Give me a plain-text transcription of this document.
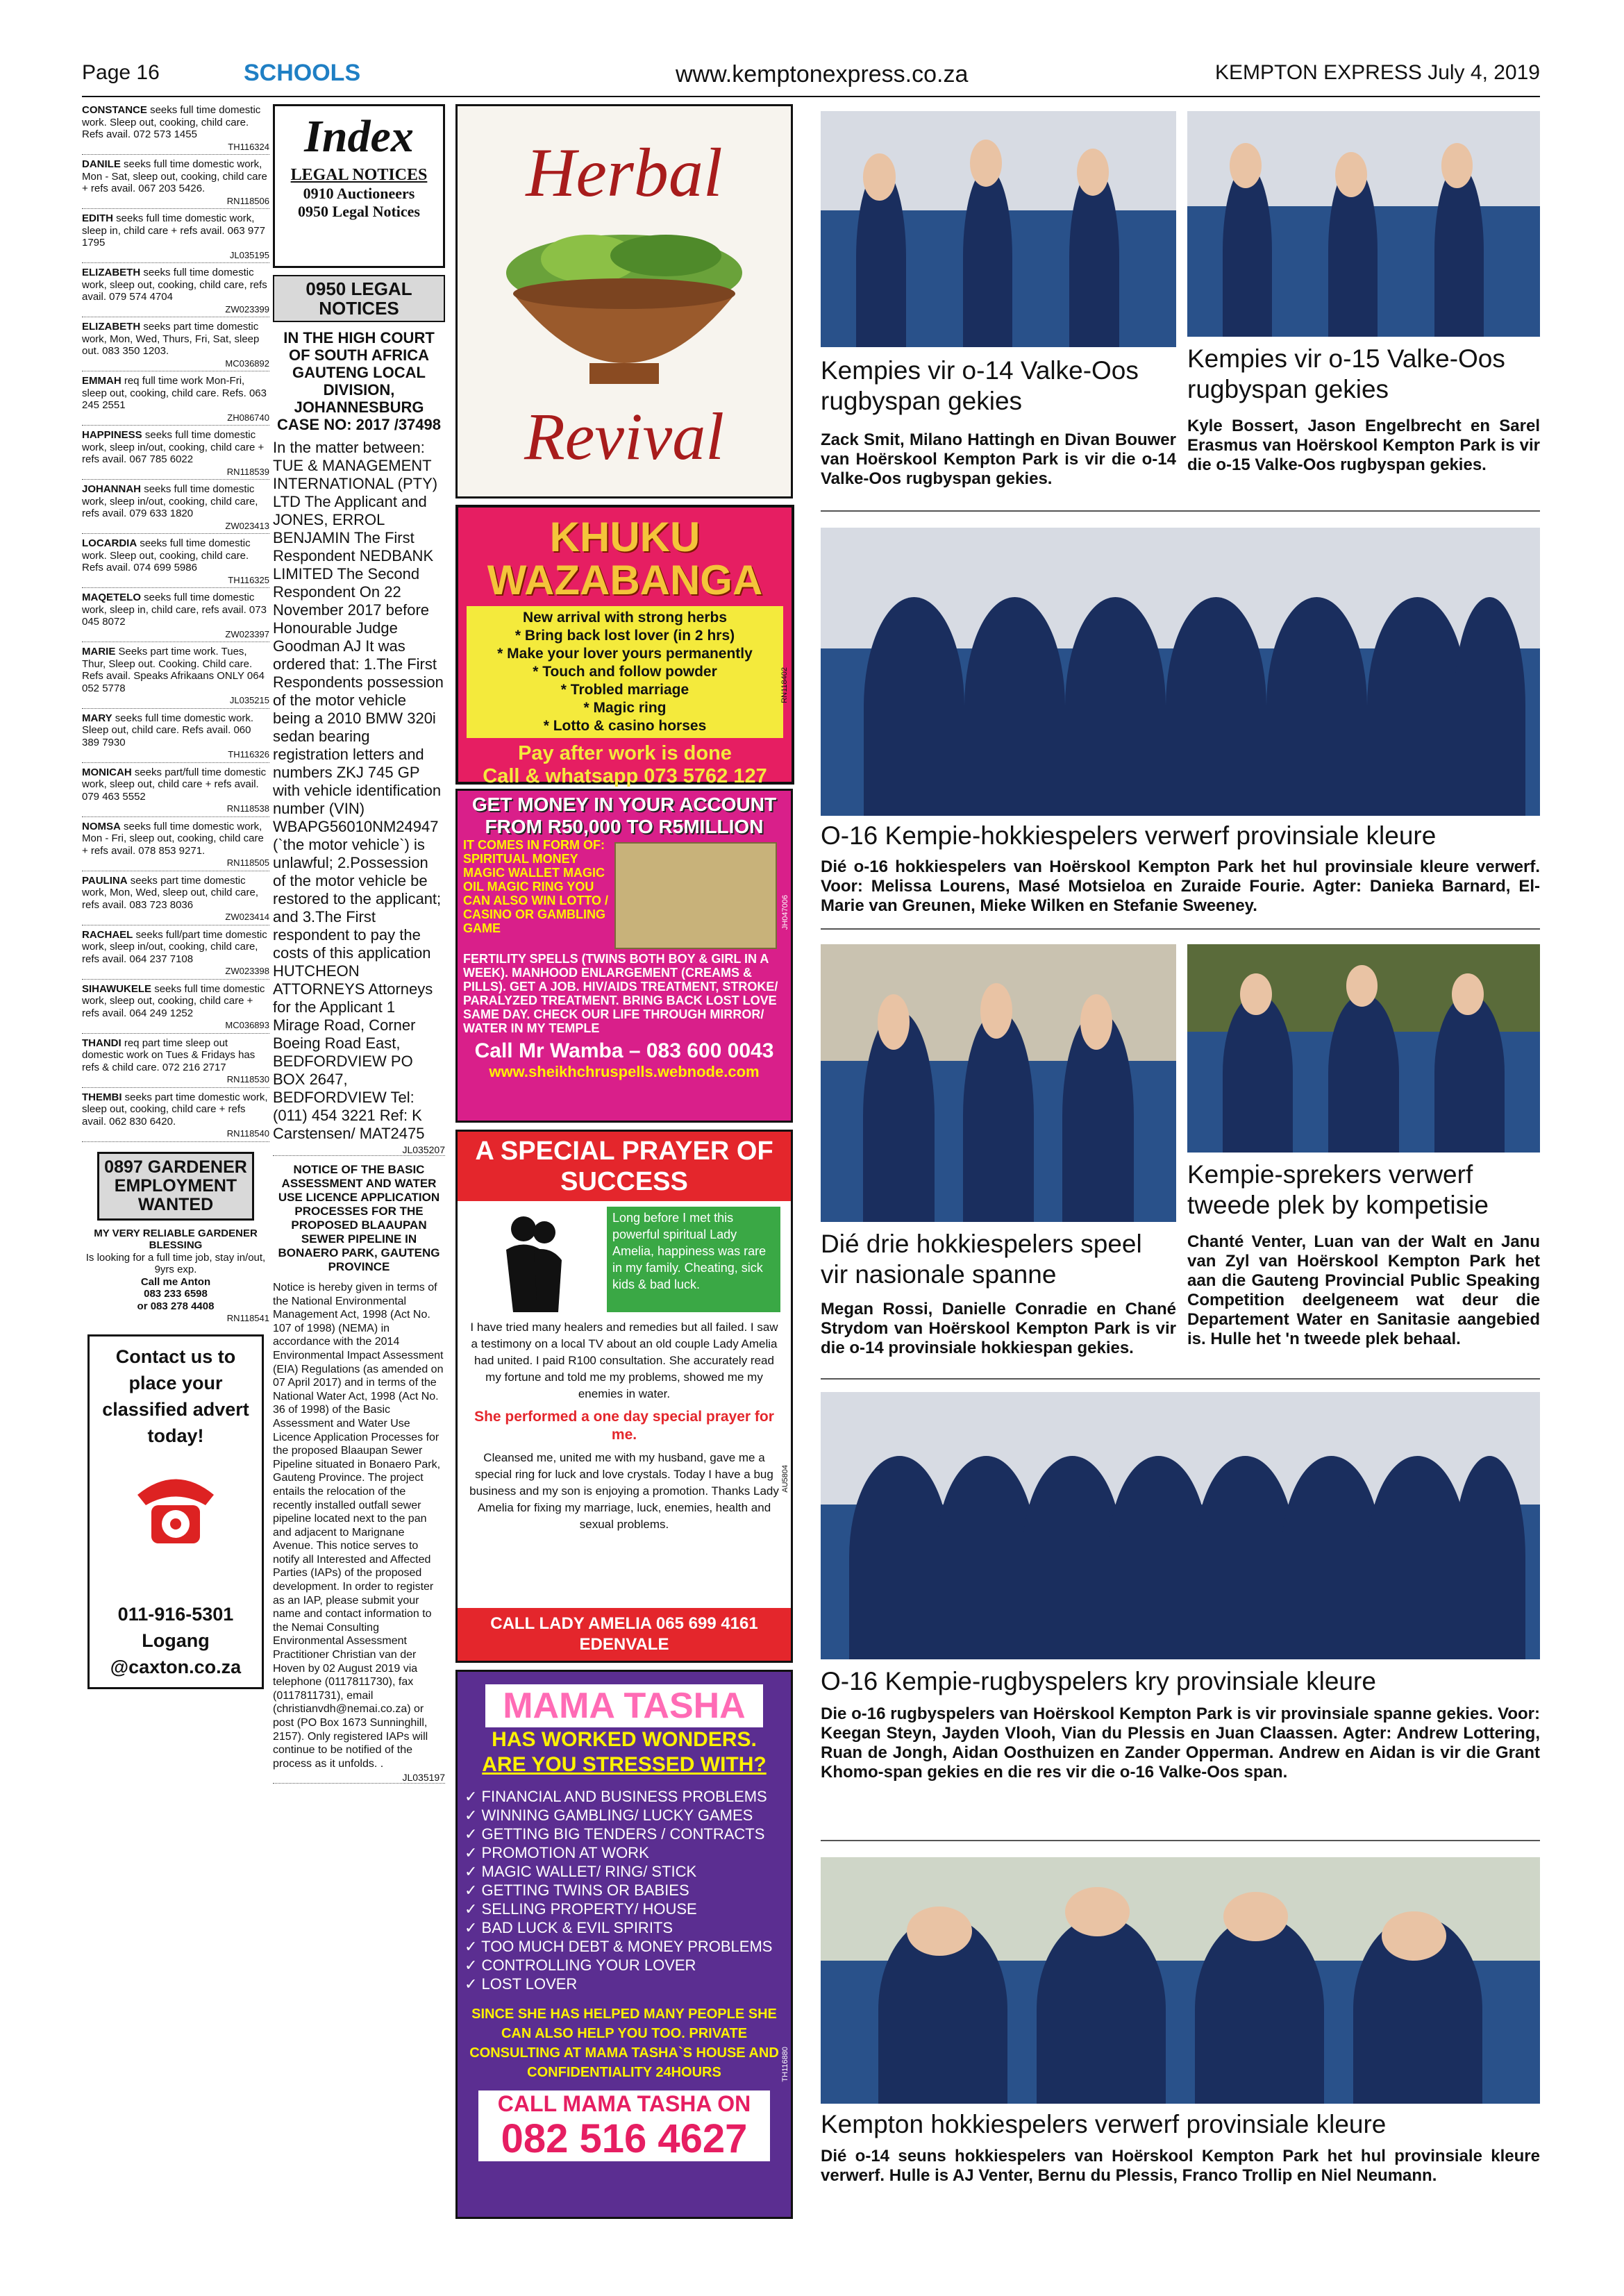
Page 16	SCHOOLS	www.kemptonexpress.co.za	KEMPTON EXPRESS July 4, 2019
CONSTANCE seeks full time domestic work. Sleep out, cooking, child care. Refs avail. 072 573 1455
TH116324
DANILE seeks full time domestic work, Mon - Sat, sleep out, cooking, child care + refs avail. 067 203 5426.
RN118506
EDITH seeks full time domestic work, sleep in, child care + refs avail. 063 977 1795
JL035195
ELIZABETH seeks full time domestic work, sleep out, cooking, child care, refs avail. 079 574 4704
ZW023399
ELIZABETH seeks part time domestic work, Mon, Wed, Thurs, Fri, Sat, sleep out. 083 350 1203.
MC036892
EMMAH req full time work Mon-Fri, sleep out, cooking, child care. Refs. 063 245 2551
ZH086740
HAPPINESS seeks full time domestic work, sleep in/out, cooking, child care + refs avail. 067 785 6022
RN118539
JOHANNAH seeks full time domestic work, sleep in/out, cooking, child care, refs avail. 079 633 1820
ZW023413
LOCARDIA seeks full time domestic work. Sleep out, cooking, child care. Refs avail. 074 699 5986
TH116325
MAQETELO seeks full time domestic work, sleep in, child care, refs avail. 073 045 8072
ZW023397
MARIE Seeks part time work. Tues, Thur, Sleep out. Cooking. Child care. Refs avail. Speaks Afrikaans ONLY 064 052 5778
JL035215
MARY seeks full time domestic work. Sleep out, child care. Refs avail. 060 389 7930
TH116326
MONICAH seeks part/full time domestic work, sleep out, child care + refs avail. 079 463 5552
RN118538
NOMSA seeks full time domestic work, Mon - Fri, sleep out, cooking, child care + refs avail. 078 853 9271.
RN118505
PAULINA seeks part time domestic work, Mon, Wed, sleep out, child care, refs avail. 083 723 8036
ZW023414
RACHAEL seeks full/part time domestic work, sleep in/out, cooking, child care, refs avail. 064 237 7108
ZW023398
SIHAWUKELE seeks full time domestic work, sleep out, cooking, child care + refs avail. 064 249 1252
MC036893
THANDI req part time sleep out domestic work on Tues & Fridays has refs & child care. 072 216 2717
RN118530
THEMBI seeks part time domestic work, sleep out, cooking, child care + refs avail. 062 830 6420.
RN118540
0897 GARDENER EMPLOYMENT WANTED
MY VERY RELIABLE GARDENER BLESSING
Is looking for a full time job, stay in/out, 9yrs exp.
Call me Anton
083 233 6598
or 083 278 4408
RN118541
Contact us to place your classified advert today!
011-916-5301
Logang
@caxton.co.za
Index
LEGAL NOTICES
0910 Auctioneers
0950 Legal Notices
0950 LEGAL NOTICES
IN THE HIGH COURT OF SOUTH AFRICA GAUTENG LOCAL DIVISION, JOHANNESBURG CASE NO: 2017 /37498
In the matter between: TUE & MANAGEMENT INTERNATIONAL (PTY) LTD The Applicant and JONES, ERROL BENJAMIN The First Respondent NEDBANK LIMITED The Second Respondent On 22 November 2017 before Honourable Judge Goodman AJ It was ordered that: 1.The First Respondents possession of the motor vehicle being a 2010 BMW 320i sedan bearing registration letters and numbers ZKJ 745 GP with vehicle identification number (VIN)
WBAPG56010NM24947 (`the motor vehicle`) is unlawful; 2.Possession of the motor vehicle be restored to the applicant; and 3.The First respondent to pay the costs of this application HUTCHEON ATTORNEYS Attorneys for the Applicant 1 Mirage Road, Corner Boeing Road East, BEDFORDVIEW PO BOX 2647, BEDFORDVIEW Tel: (011) 454 3221 Ref: K Carstensen/ MAT2475
JL035207
NOTICE OF THE BASIC ASSESSMENT AND WATER USE LICENCE APPLICATION PROCESSES FOR THE PROPOSED BLAAUPAN SEWER PIPELINE IN BONAERO PARK, GAUTENG PROVINCE
Notice is hereby given in terms of the National Environmental Management Act, 1998 (Act No. 107 of 1998) (NEMA) in accordance with the 2014 Environmental Impact Assessment (EIA) Regulations (as amended on 07 April 2017) and in terms of the National Water Act, 1998 (Act No. 36 of 1998) of the Basic Assessment and Water Use Licence Application Processes for the proposed Blaaupan Sewer Pipeline situated in Bonaero Park, Gauteng Province. The project entails the relocation of the recently installed outfall sewer pipeline located next to the pan and adjacent to Marignane Avenue. This notice serves to notify all Interested and Affected Parties (IAPs) of the proposed development. In order to register as an IAP, please submit your name and contact information to the Nemai Consulting Environmental Assessment Practitioner Christian van der Hoven by 02 August 2019 via telephone (0117811730), fax (0117811731), email (christianvdh@nemai.co.za) or post (PO Box 1673 Sunninghill, 2157). Only registered IAPs will continue to be notified of the process as it unfolds. .
JL035197
Herbal
Revival
KHUKU
WAZABANGA
New arrival with strong herbs
* Bring back lost lover (in 2 hrs)
* Make your lover yours permanently
* Touch and follow powder
* Trobled marriage
* Magic ring
* Lotto & casino horses
Pay after work is done
Call & whatsapp 073 5762 127
RN118402
GET MONEY IN YOUR ACCOUNT
FROM R50,000 TO R5MILLION
IT COMES IN FORM OF: SPIRITUAL MONEY MAGIC WALLET MAGIC OIL MAGIC RING YOU CAN ALSO WIN LOTTO / CASINO OR GAMBLING GAME
FERTILITY SPELLS (TWINS BOTH BOY & GIRL IN A WEEK). MANHOOD ENLARGEMENT (CREAMS & PILLS). GET A JOB. HIV/AIDS TREATMENT, STROKE/ PARALYZED TREATMENT. BRING BACK LOST LOVE SAME DAY. CHECK OUR LIFE THROUGH MIRROR/ WATER IN MY TEMPLE
Call Mr Wamba – 083 600 0043
www.sheikhchruspells.webnode.com
JH047006
A SPECIAL PRAYER OF SUCCESS
Long before I met this powerful spiritual Lady Amelia, happiness was rare in my family. Cheating, sick kids & bad luck.
I have tried many healers and remedies but all failed. I saw a testimony on a local TV about an old couple Lady Amelia had united. I paid R100 consultation. She accurately read my fortune and told me my problems, showed me my enemies in water.
She performed a one day special prayer for me.
Cleansed me, united me with my husband, gave me a special ring for luck and love crystals. Today I have a bug business and my son is enjoying a promotion. Thanks Lady Amelia for fixing my marriage, luck, enemies, health and sexual problems.
CALL LADY AMELIA 065 699 4161
EDENVALE
AU5804
MAMA TASHA
HAS WORKED WONDERS.
ARE YOU STRESSED WITH?
✓ FINANCIAL AND BUSINESS PROBLEMS
✓ WINNING GAMBLING/ LUCKY GAMES
✓ GETTING BIG TENDERS / CONTRACTS
✓ PROMOTION AT WORK
✓ MAGIC WALLET/ RING/ STICK
✓ GETTING TWINS OR BABIES
✓ SELLING PROPERTY/ HOUSE
✓ BAD LUCK & EVIL SPIRITS
✓ TOO MUCH DEBT & MONEY PROBLEMS
✓ CONTROLLING YOUR LOVER
✓ LOST LOVER
SINCE SHE HAS HELPED MANY PEOPLE SHE CAN ALSO HELP YOU TOO. PRIVATE CONSULTING AT MAMA TASHA`S HOUSE AND CONFIDENTIALITY 24HOURS
CALL MAMA TASHA ON
082 516 4627
TH116880
Kempies vir o-14 Valke-Oos rugbyspan gekies
Zack Smit, Milano Hattingh en Divan Bouwer van Hoërskool Kempton Park is vir die o-14 Valke-Oos rugbyspan gekies.
Kempies vir o-15 Valke-Oos rugbyspan gekies
Kyle Bossert, Jason Engelbrecht en Sarel Erasmus van Hoërskool Kempton Park is vir die o-15 Valke-Oos rugbyspan gekies.
O-16 Kempie-hokkiespelers verwerf provinsiale kleure
Dié o-16 hokkiespelers van Hoërskool Kempton Park het hul provinsiale kleure verwerf. Voor: Melissa Lourens, Masé Motsieloa en Zuraide Fourie. Agter: Danieka Barnard, El-Marie van Greunen, Mieke Wilken en Stefanie Sweeney.
Dié drie hokkiespelers speel vir nasionale spanne
Megan Rossi, Danielle Conradie en Chané Strydom van Hoërskool Kempton Park is vir die o-14 provinsiale hokkiespan gekies.
Kempie-sprekers verwerf tweede plek by kompetisie
Chanté Venter, Luan van der Walt en Janu van Zyl van Hoërskool Kempton Park het aan die Gauteng Provincial Public Speaking Competition deelgeneem wat deur die Departement Water en Sanitasie aangebied is. Hulle het 'n tweede plek behaal.
O-16 Kempie-rugbyspelers kry provinsiale kleure
Die o-16 rugbyspelers van Hoërskool Kempton Park is vir provinsiale spanne gekies. Voor: Keegan Steyn, Jayden Vlooh, Vian du Plessis en Juan Claassen. Agter: Andrew Lottering, Ruan de Jongh, Aidan Oosthuizen en Zander Opperman. Andrew en Aidan is vir die Grant Khomo-span gekies en die res vir die o-16 Valke-Oos span.
Kempton hokkiespelers verwerf provinsiale kleure
Dié o-14 seuns hokkiespelers van Hoërskool Kempton Park het hul provinsiale kleure verwerf. Hulle is AJ Venter, Bernu du Plessis, Franco Trollip en Niel Neumann.
